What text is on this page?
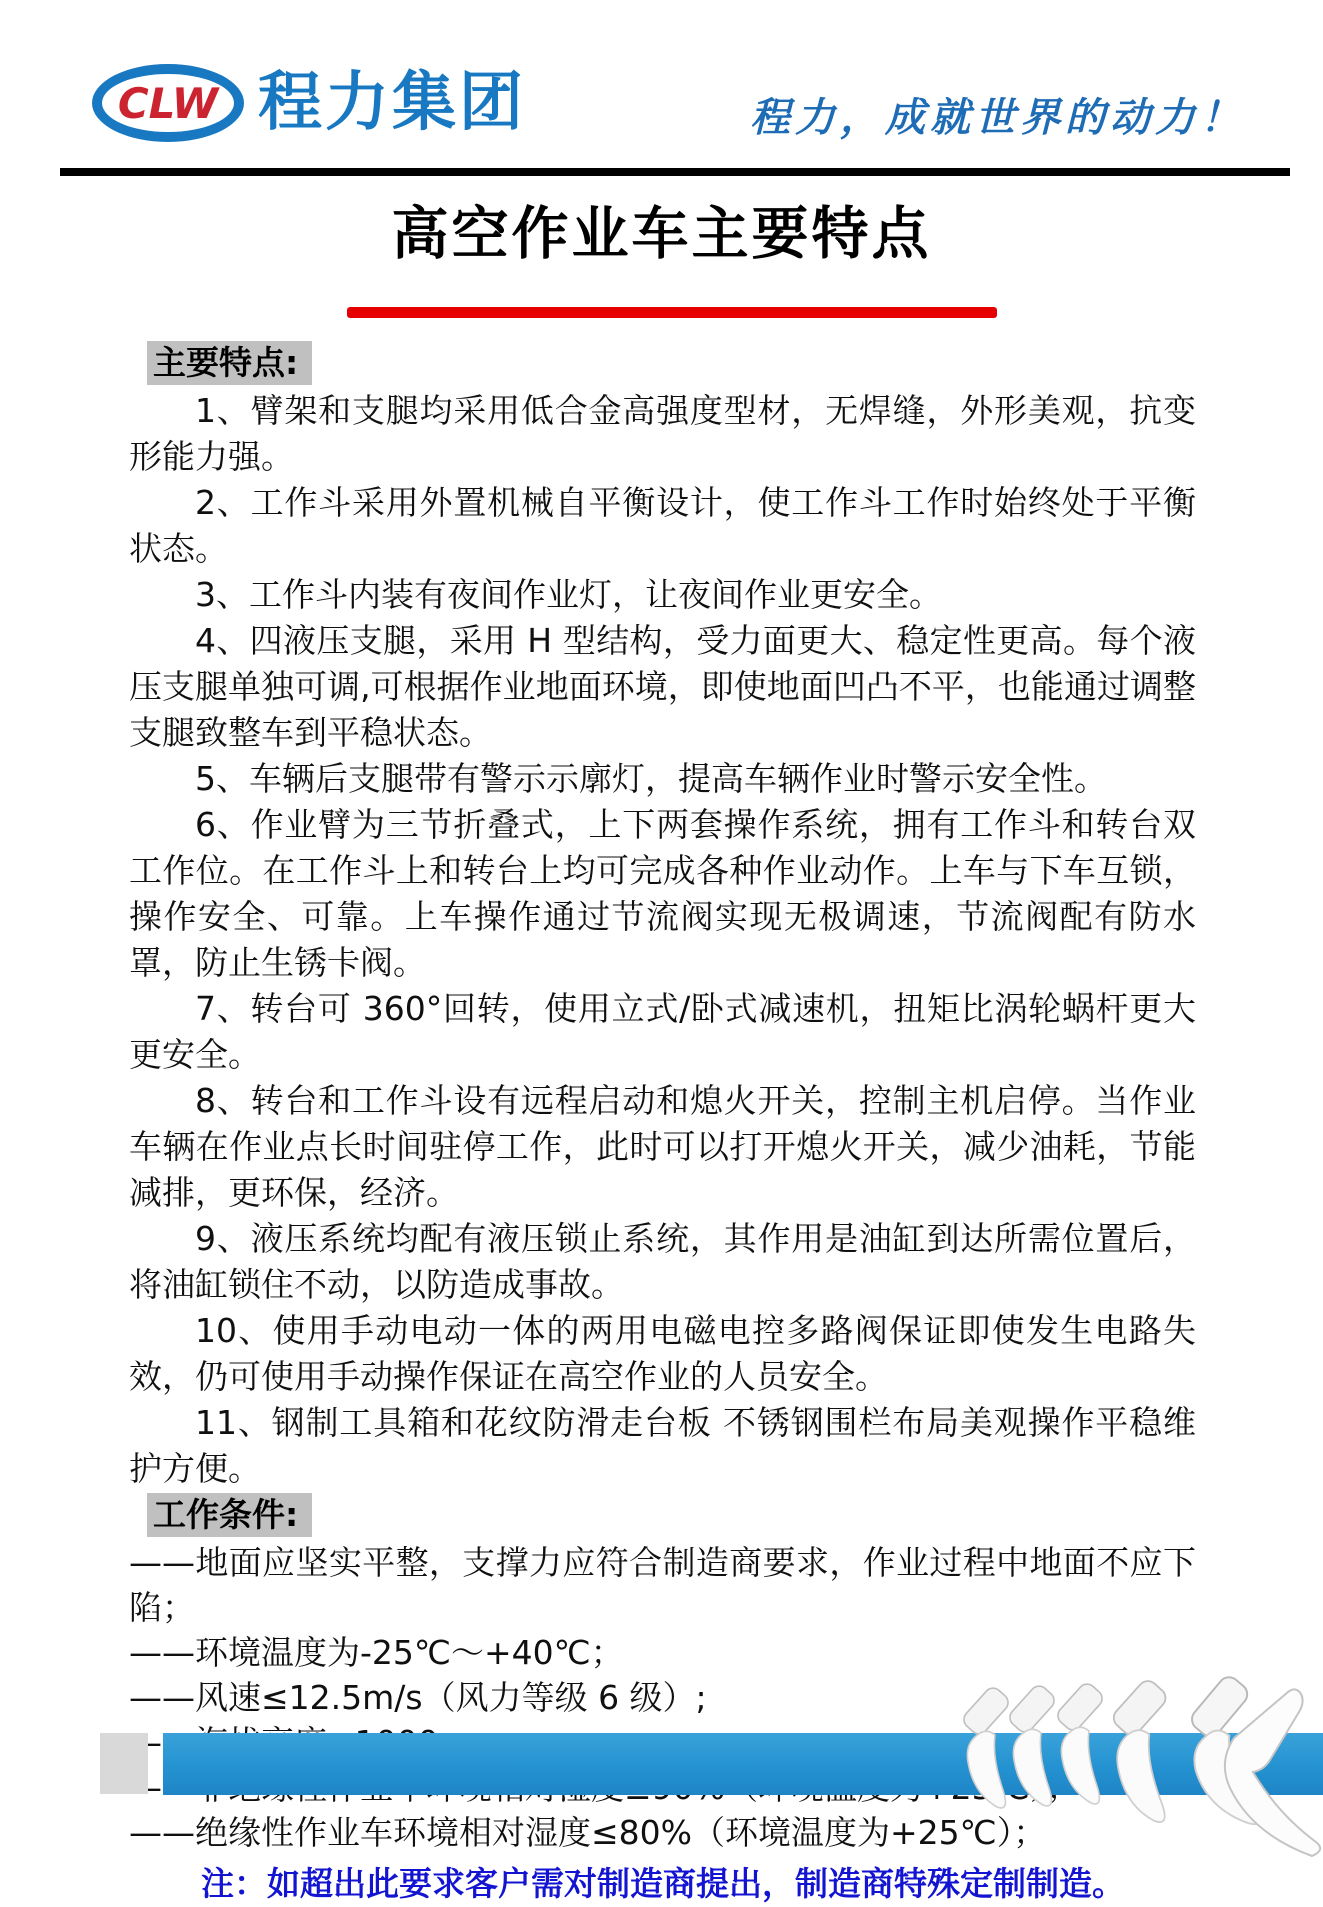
CLW 程力集团	程力，成就世界的动力！
高空作业车主要特点
主要特点:

1、臂架和支腿均采用低合金高强度型材，无焊缝，外形美观，抗变形能力强。

2、工作斗采用外置机械自平衡设计，使工作斗工作时始终处于平衡状态。

3、工作斗内装有夜间作业灯，让夜间作业更安全。

4、四液压支腿，采用 H 型结构，受力面更大、稳定性更高。每个液压支腿单独可调,可根据作业地面环境，即使地面凹凸不平，也能通过调整支腿致整车到平稳状态。

5、车辆后支腿带有警示示廓灯，提高车辆作业时警示安全性。

6、作业臂为三节折叠式，上下两套操作系统，拥有工作斗和转台双工作位。在工作斗上和转台上均可完成各种作业动作。上车与下车互锁，操作安全、可靠。上车操作通过节流阀实现无极调速，节流阀配有防水罩，防止生锈卡阀。

7、转台可 360°回转，使用立式/卧式减速机，扭矩比涡轮蜗杆更大更安全。

8、转台和工作斗设有远程启动和熄火开关，控制主机启停。当作业车辆在作业点长时间驻停工作，此时可以打开熄火开关，减少油耗，节能减排，更环保，经济。

9、液压系统均配有液压锁止系统，其作用是油缸到达所需位置后，将油缸锁住不动，以防造成事故。

10、使用手动电动一体的两用电磁电控多路阀保证即使发生电路失效，仍可使用手动操作保证在高空作业的人员安全。

11、钢制工具箱和花纹防滑走台板 不锈钢围栏布局美观操作平稳维护方便。

工作条件:
——地面应坚实平整，支撑力应符合制造商要求，作业过程中地面不应下陷；
——环境温度为-25℃～+40℃；
——风速≤12.5m/s（风力等级 6 级）;
——绝缘性作业车环境相对湿度≤80%（环境温度为+25℃）；
注：如超出此要求客户需对制造商提出，制造商特殊定制制造。
